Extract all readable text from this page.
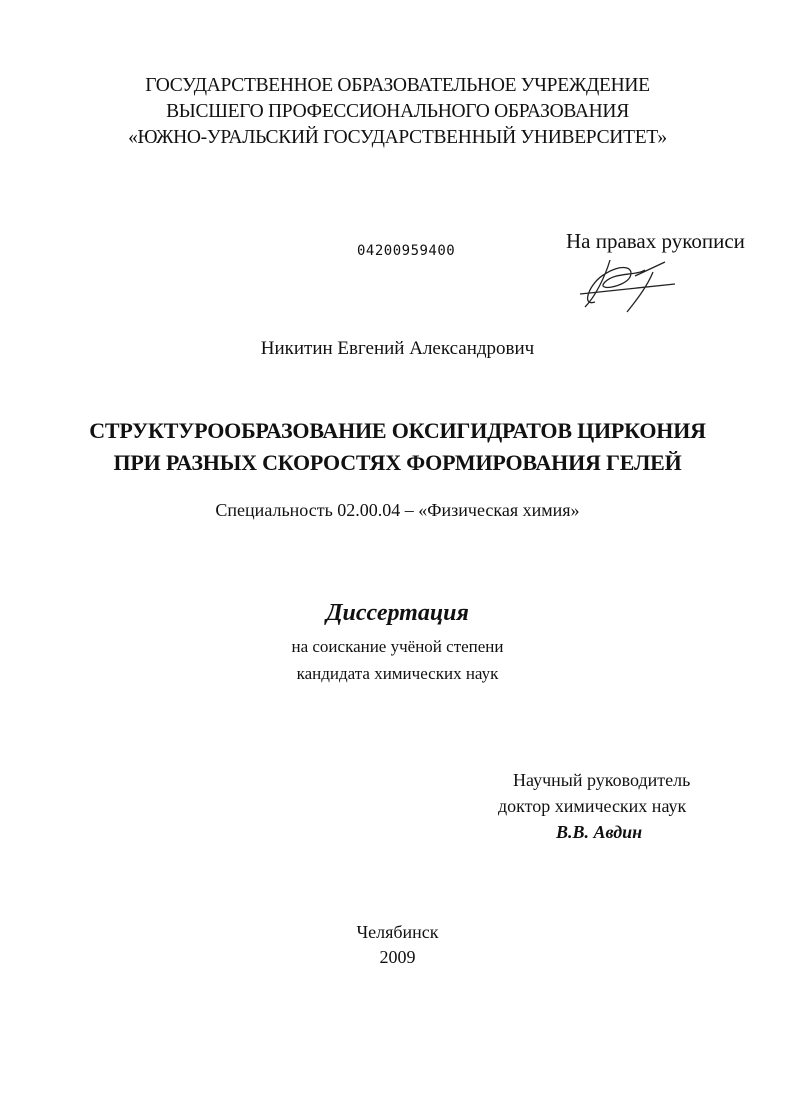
ГОСУДАРСТВЕННОЕ ОБРАЗОВАТЕЛЬНОЕ УЧРЕЖДЕНИЕ
ВЫСШЕГО ПРОФЕССИОНАЛЬНОГО ОБРАЗОВАНИЯ
«ЮЖНО-УРАЛЬСКИЙ ГОСУДАРСТВЕННЫЙ УНИВЕРСИТЕТ»
04200959400	На правах рукописи
Никитин Евгений Александрович
СТРУКТУРООБРАЗОВАНИЕ ОКСИГИДРАТОВ ЦИРКОНИЯ
ПРИ РАЗНЫХ СКОРОСТЯХ ФОРМИРОВАНИЯ ГЕЛЕЙ
Специальность 02.00.04 – «Физическая химия»
Диссертация
на соискание учёной степени
кандидата химических наук
Научный руководитель
доктор химических наук
В.В. Авдин
Челябинск
2009
